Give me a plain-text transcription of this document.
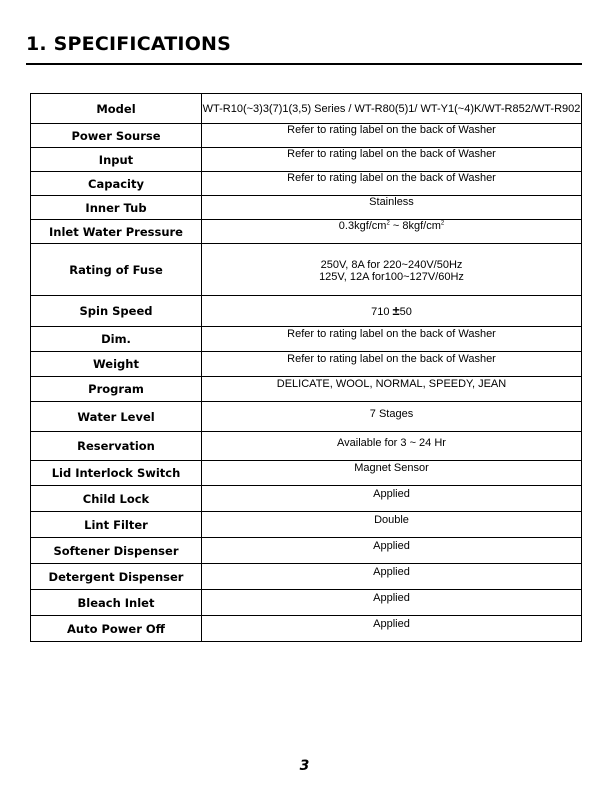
1. SPECIFICATIONS
Model	WT-R10(~3)3(7)1(3,5) Series / WT-R80(5)1/ WT-Y1(~4)K/WT-R852/WT-R902
Power Sourse	Refer to rating label on the back of Washer
Input	Refer to rating label on the back of Washer
Capacity	Refer to rating label on the back of Washer
Inner Tub	Stainless
Inlet Water Pressure	$0.3kgf/cm^2$ ~ $8kgf/cm^2$
Rating of Fuse	250V, 8A for 220~240V/50Hz
125V, 12A for100~127V/60Hz

Spin Speed	710 ±50
Dim.	Refer to rating label on the back of Washer
Weight	Refer to rating label on the back of Washer
Program	DELICATE, WOOL, NORMAL, SPEEDY, JEAN
Water Level	7 Stages
Reservation	Available for 3 ~ 24 Hr
Lid Interlock Switch	Magnet Sensor
Child Lock	Applied
Lint Filter	Double
Softener Dispenser	Applied
Detergent Dispenser	Applied
Bleach Inlet	Applied
Auto Power Off	Applied
3
